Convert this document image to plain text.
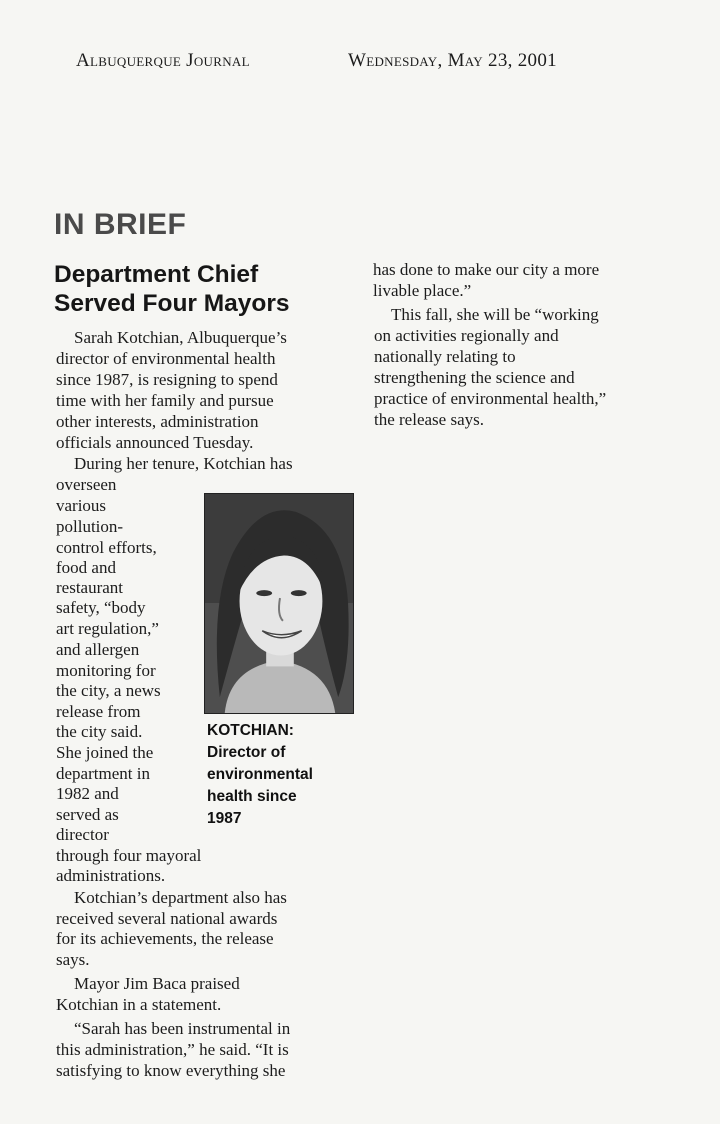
Albuquerque Journal	Wednesday, May 23, 2001
IN BRIEF
Department Chief
Served Four Mayors
Sarah Kotchian, Albuquerque’s
director of environmental health
since 1987, is resigning to spend
time with her family and pursue
other interests, administration
officials announced Tuesday.
During her tenure, Kotchian has
overseen
various
pollution-
control efforts,
food and
restaurant
safety, “body
art regulation,”
and allergen
monitoring for
the city, a news
release from
the city said.
She joined the
department in
1982 and
served as
director
through four mayoral
administrations.
Kotchian’s department also has
received several national awards
for its achievements, the release
says.
Mayor Jim Baca praised
Kotchian in a statement.
“Sarah has been instrumental in
this administration,” he said. “It is
satisfying to know everything she
KOTCHIAN:
Director of
environmental
health since
1987
has done to make our city a more
livable place.”
This fall, she will be “working
on activities regionally and
nationally relating to
strengthening the science and
practice of environmental health,”
the release says.
